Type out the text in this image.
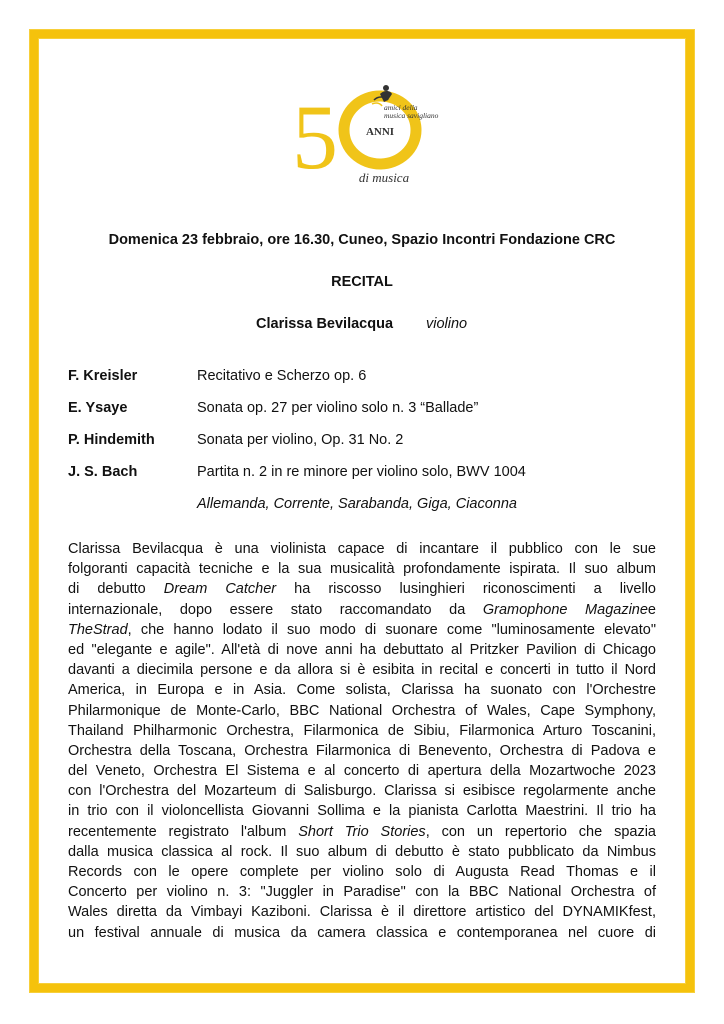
5	ANNI
di musica
amici della
musica savigliano
Domenica 23 febbraio, ore 16.30, Cuneo, Spazio Incontri Fondazione CRC
RECITAL
Clarissa Bevilacqua violino
F. Kreisler	Recitativo e Scherzo op. 6
E. Ysaye	Sonata op. 27 per violino solo n. 3 “Ballade”
P. Hindemith	Sonata per violino, Op. 31 No. 2
J. S. Bach	Partita n. 2 in re minore per violino solo, BWV 1004
Allemanda, Corrente, Sarabanda, Giga, Ciaconna
Clarissa Bevilacqua è una violinista capace di incantare il pubblico con le sue
folgoranti capacità tecniche e la sua musicalità profondamente ispirata. Il suo album
di debutto Dream Catcher ha riscosso lusinghieri riconoscimenti a livello
internazionale, dopo essere stato raccomandato da Gramophone Magazinee
TheStrad, che hanno lodato il suo modo di suonare come "luminosamente elevato"
ed "elegante e agile". All'età di nove anni ha debuttato al Pritzker Pavilion di Chicago
davanti a diecimila persone e da allora si è esibita in recital e concerti in tutto il Nord
America, in Europa e in Asia. Come solista, Clarissa ha suonato con l'Orchestre
Philarmonique de Monte-Carlo, BBC National Orchestra of Wales, Cape Symphony,
Thailand Philharmonic Orchestra, Filarmonica de Sibiu, Filarmonica Arturo Toscanini,
Orchestra della Toscana, Orchestra Filarmonica di Benevento, Orchestra di Padova e
del Veneto, Orchestra El Sistema e al concerto di apertura della Mozartwoche 2023
con l'Orchestra del Mozarteum di Salisburgo. Clarissa si esibisce regolarmente anche
in trio con il violoncellista Giovanni Sollima e la pianista Carlotta Maestrini. Il trio ha
recentemente registrato l'album Short Trio Stories, con un repertorio che spazia
dalla musica classica al rock. Il suo album di debutto è stato pubblicato da Nimbus
Records con le opere complete per violino solo di Augusta Read Thomas e il
Concerto per violino n. 3: "Juggler in Paradise" con la BBC National Orchestra of
Wales diretta da Vimbayi Kaziboni. Clarissa è il direttore artistico del DYNAMIKfest,
un festival annuale di musica da camera classica e contemporanea nel cuore di
